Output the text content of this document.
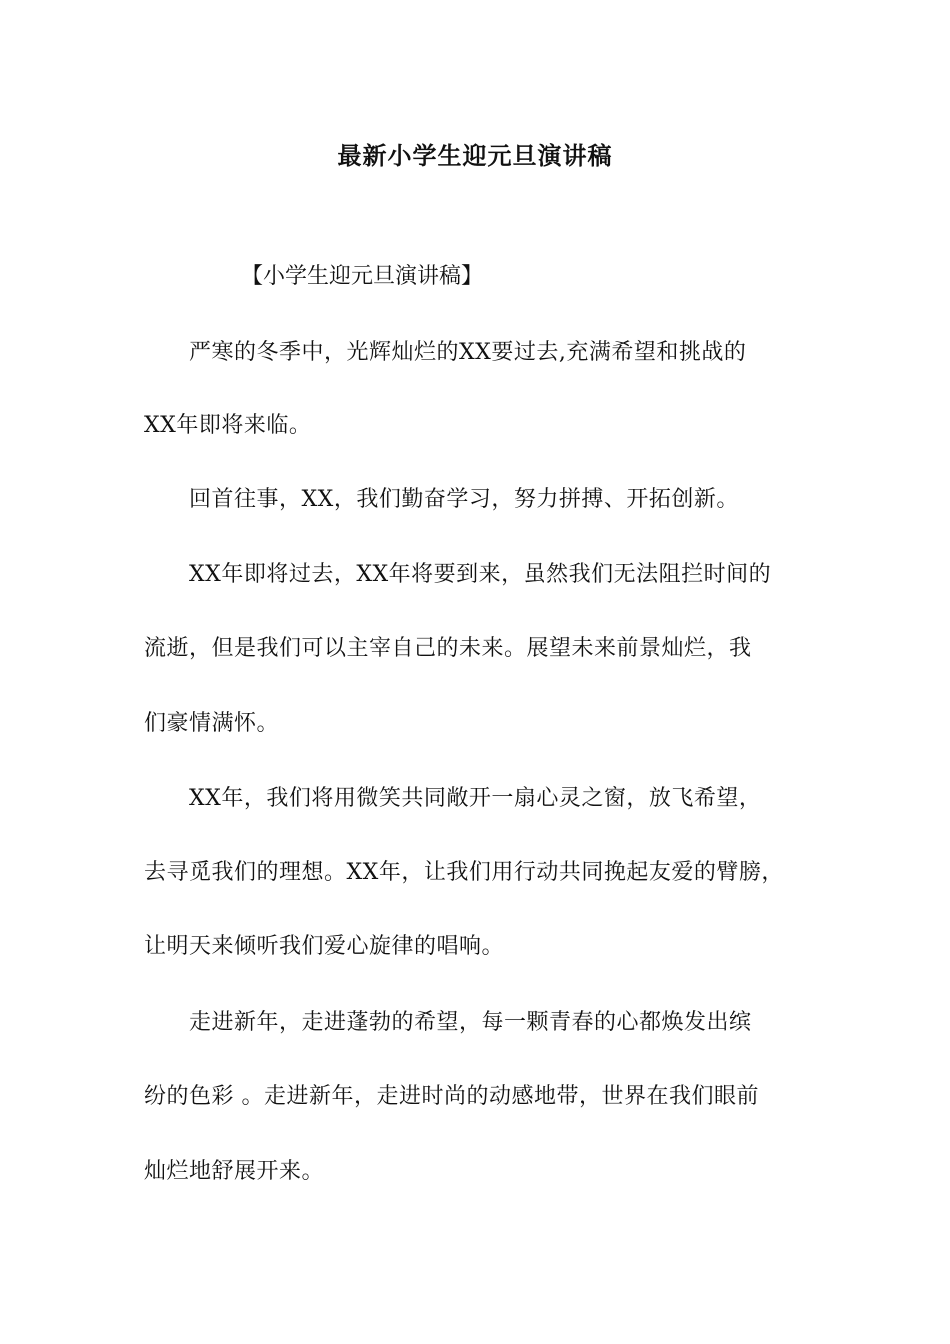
最新小学生迎元旦演讲稿
【小学生迎元旦演讲稿】
　　严寒的冬季中，光辉灿烂的XX要过去,充满希望和挑战的
XX年即将来临。
　　回首往事，XX，我们勤奋学习，努力拼搏、开拓创新。
　　XX年即将过去，XX年将要到来，虽然我们无法阻拦时间的
流逝，但是我们可以主宰自己的未来。展望未来前景灿烂，我
们豪情满怀。
　　XX年，我们将用微笑共同敞开一扇心灵之窗，放飞希望，
去寻觅我们的理想。XX年，让我们用行动共同挽起友爱的臂膀，
让明天来倾听我们爱心旋律的唱响。
　　走进新年，走进蓬勃的希望，每一颗青春的心都焕发出缤
纷的色彩 。走进新年，走进时尚的动感地带，世界在我们眼前
灿烂地舒展开来。
